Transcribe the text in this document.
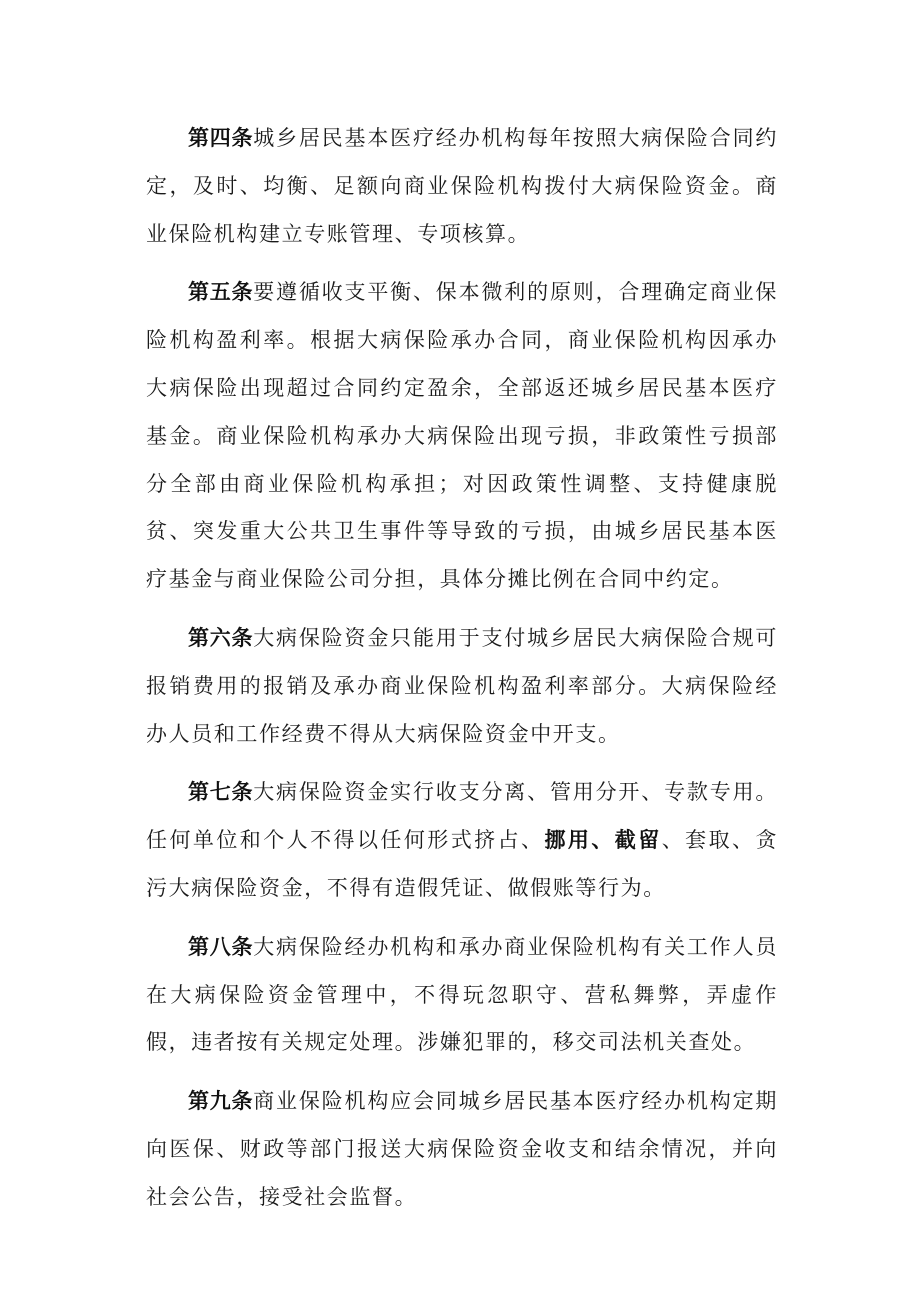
第四条城乡居民基本医疗经办机构每年按照大病保险合同约定，及时、均衡、足额向商业保险机构拨付大病保险资金。商业保险机构建立专账管理、专项核算。

第五条要遵循收支平衡、保本微利的原则，合理确定商业保险机构盈利率。根据大病保险承办合同，商业保险机构因承办大病保险出现超过合同约定盈余，全部返还城乡居民基本医疗基金。商业保险机构承办大病保险出现亏损，非政策性亏损部分全部由商业保险机构承担；对因政策性调整、支持健康脱贫、突发重大公共卫生事件等导致的亏损，由城乡居民基本医疗基金与商业保险公司分担，具体分摊比例在合同中约定。

第六条大病保险资金只能用于支付城乡居民大病保险合规可报销费用的报销及承办商业保险机构盈利率部分。大病保险经办人员和工作经费不得从大病保险资金中开支。

第七条大病保险资金实行收支分离、管用分开、专款专用。任何单位和个人不得以任何形式挤占、挪用、截留、套取、贪污大病保险资金，不得有造假凭证、做假账等行为。

第八条大病保险经办机构和承办商业保险机构有关工作人员在大病保险资金管理中，不得玩忽职守、营私舞弊，弄虚作假，违者按有关规定处理。涉嫌犯罪的，移交司法机关查处。

第九条商业保险机构应会同城乡居民基本医疗经办机构定期向医保、财政等部门报送大病保险资金收支和结余情况，并向社会公告，接受社会监督。
